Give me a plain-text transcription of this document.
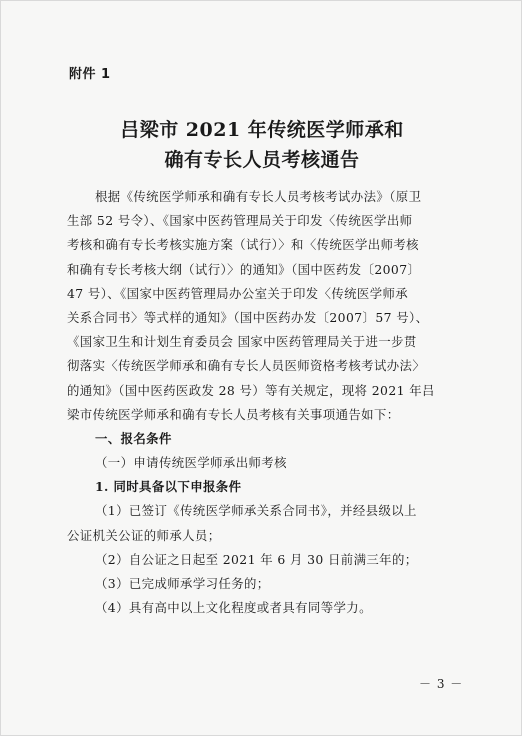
附件 1
吕梁市 2021 年传统医学师承和
确有专长人员考核通告
根据《传统医学师承和确有专长人员考核考试办法》（原卫
生部 52 号令）、《国家中医药管理局关于印发〈传统医学出师
考核和确有专长考核实施方案（试行）〉和〈传统医学出师考核
和确有专长考核大纲（试行）〉的通知》（国中医药发〔2007〕
47 号）、《国家中医药管理局办公室关于印发〈传统医学师承
关系合同书〉等式样的通知》（国中医药办发〔2007〕57 号）、
《国家卫生和计划生育委员会 国家中医药管理局关于进一步贯
彻落实〈传统医学师承和确有专长人员医师资格考核考试办法〉
的通知》（国中医药医政发 28 号）等有关规定，现将 2021 年吕
梁市传统医学师承和确有专长人员考核有关事项通告如下：
一、报名条件
（一）申请传统医学师承出师考核
1. 同时具备以下申报条件
（1）已签订《传统医学师承关系合同书》，并经县级以上
公证机关公证的师承人员；
（2）自公证之日起至 2021 年 6 月 30 日前满三年的；
（3）已完成师承学习任务的；
（4）具有高中以上文化程度或者具有同等学力。
－ 3 －
